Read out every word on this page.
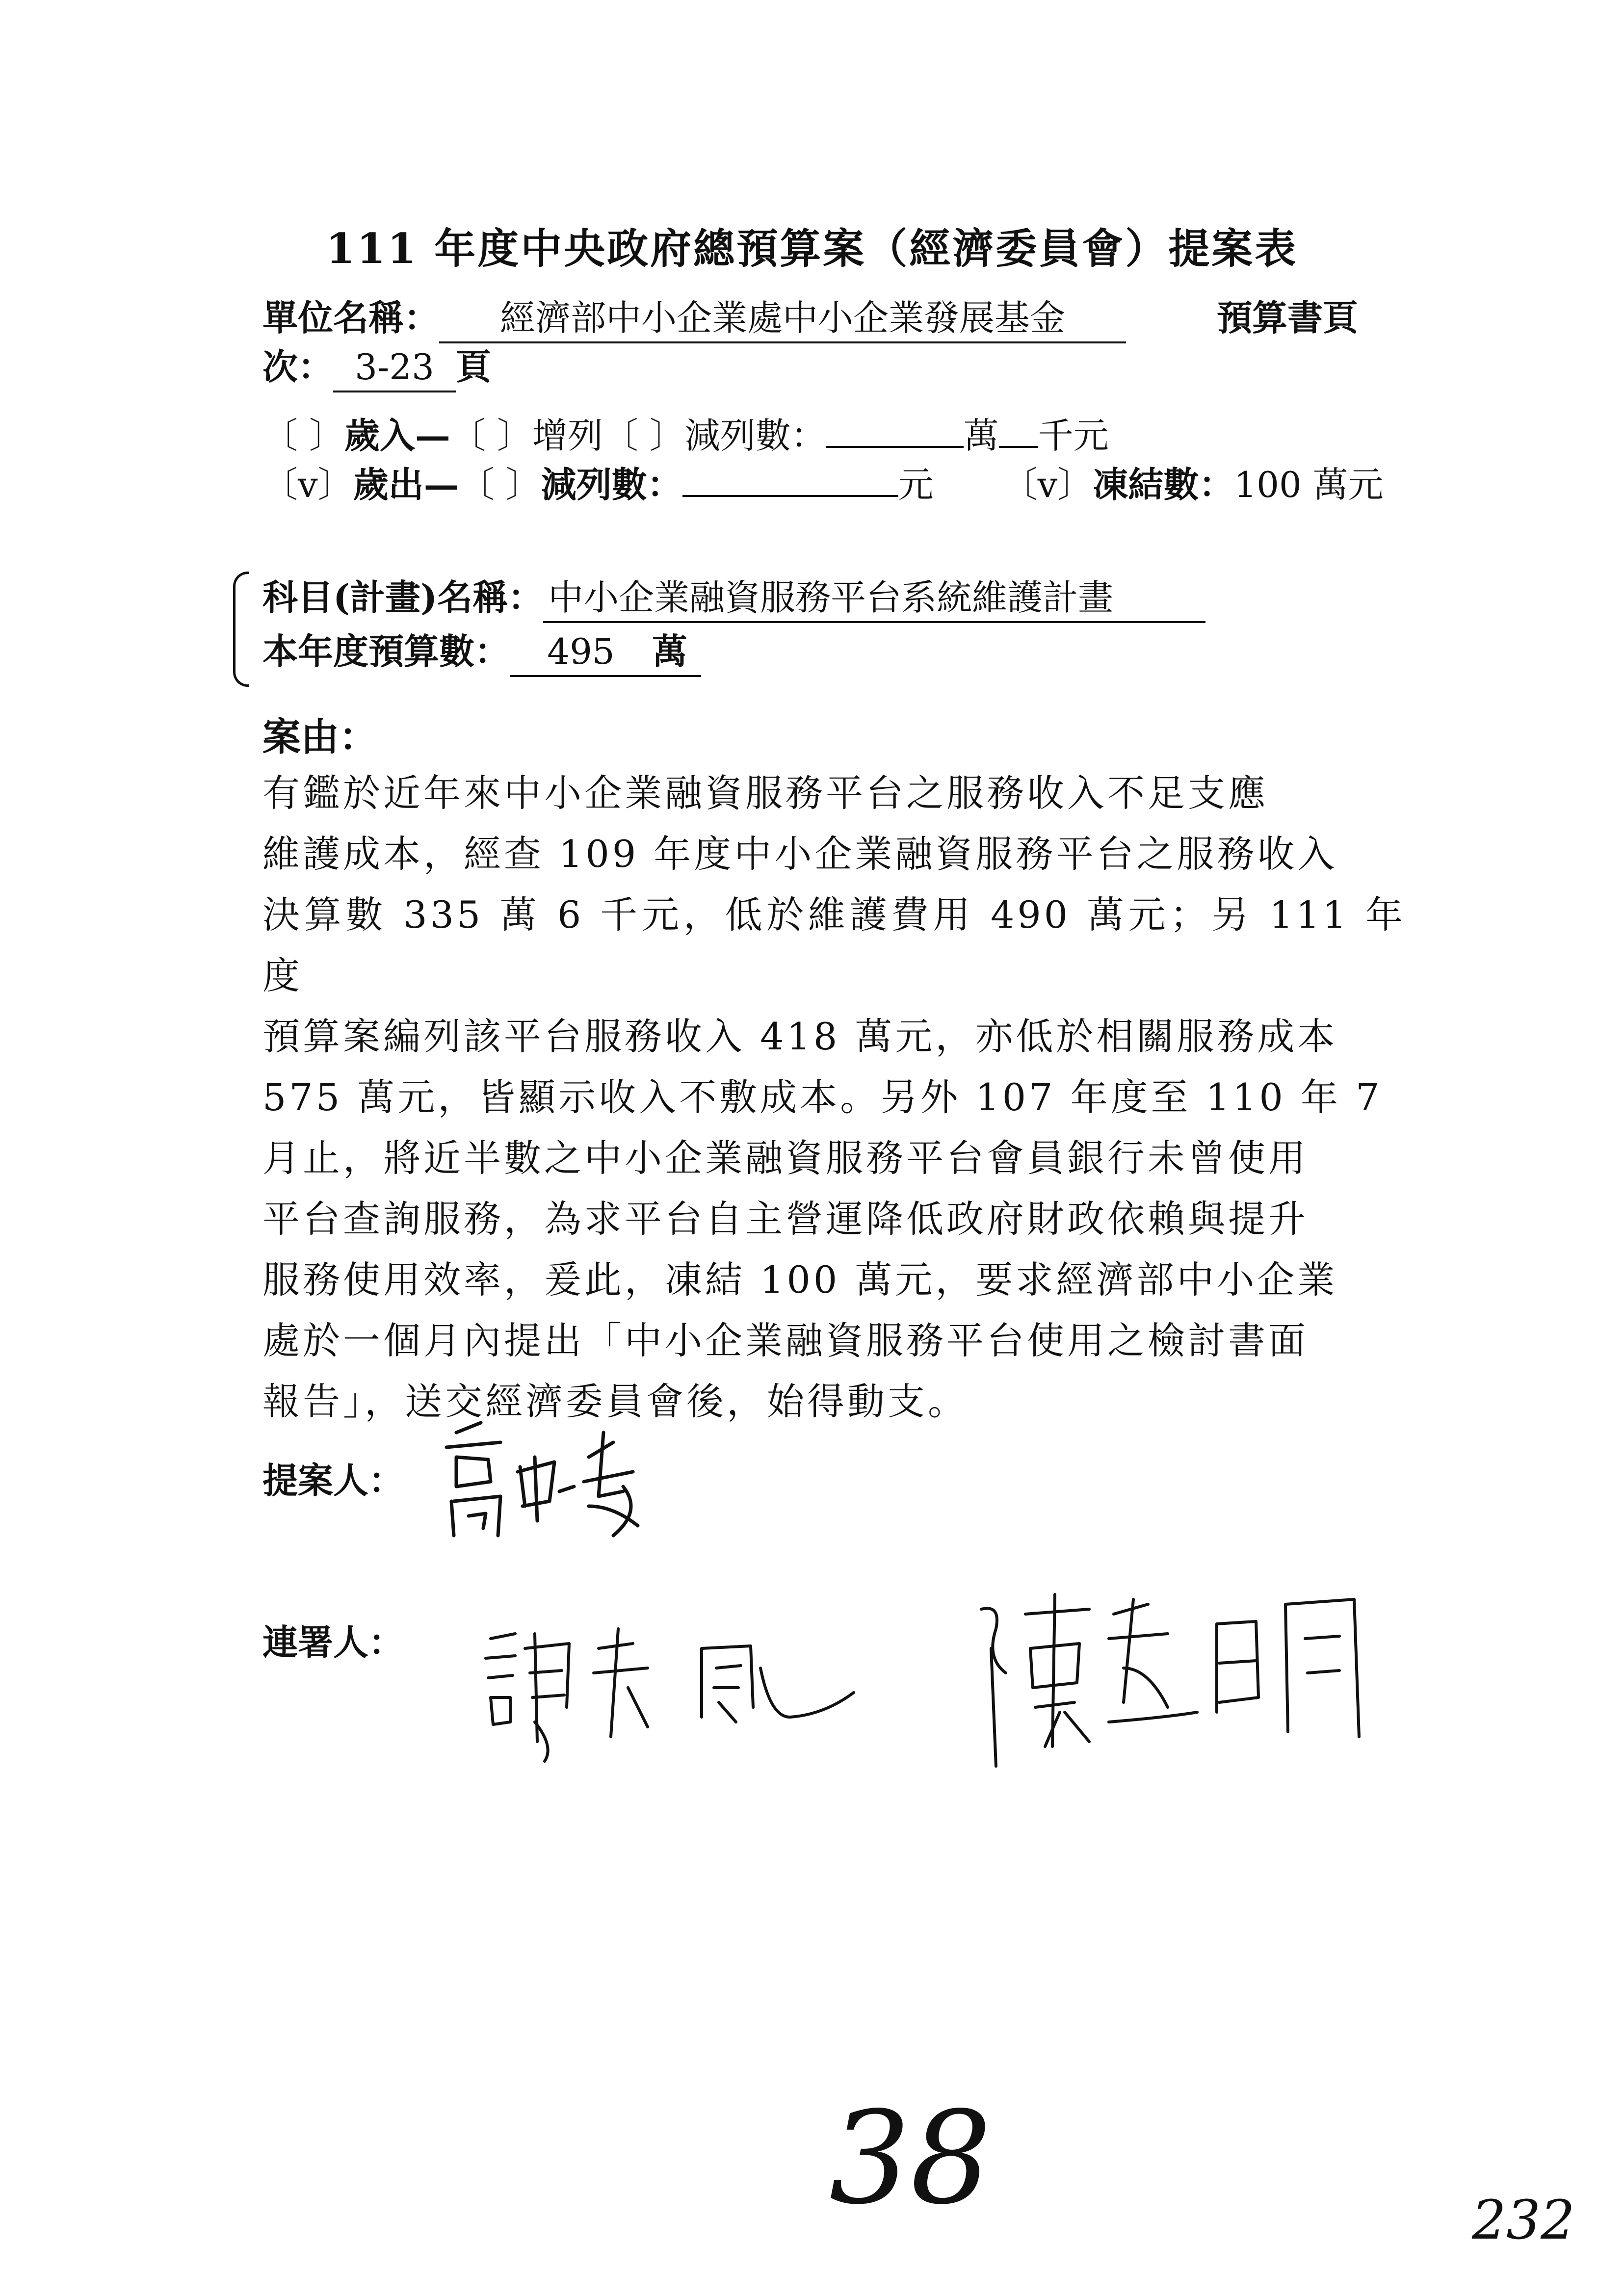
111 年度中央政府總預算案（經濟委員會）提案表
單位名稱： 經濟部中小企業處中小企業發展基金	預算書頁
次： 3-23 頁
〔 〕歲入—〔 〕增列〔 〕減列數：	萬 千元
〔v〕歲出—〔 〕減列數：	元 〔v〕凍結數：100 萬元
科目(計畫)名稱： 中小企業融資服務平台系統維護計畫
本年度預算數： 495 萬
案由：
有鑑於近年來中小企業融資服務平台之服務收入不足支應
維護成本，經查 109 年度中小企業融資服務平台之服務收入
決算數 335 萬 6 千元，低於維護費用 490 萬元；另 111 年度
預算案編列該平台服務收入 418 萬元，亦低於相關服務成本
575 萬元，皆顯示收入不敷成本。另外 107 年度至 110 年 7
月止，將近半數之中小企業融資服務平台會員銀行未曾使用
平台查詢服務，為求平台自主營運降低政府財政依賴與提升
服務使用效率，爰此，凍結 100 萬元，要求經濟部中小企業
處於一個月內提出「中小企業融資服務平台使用之檢討書面
報告」，送交經濟委員會後，始得動支。
提案人：
連署人：
38	232
